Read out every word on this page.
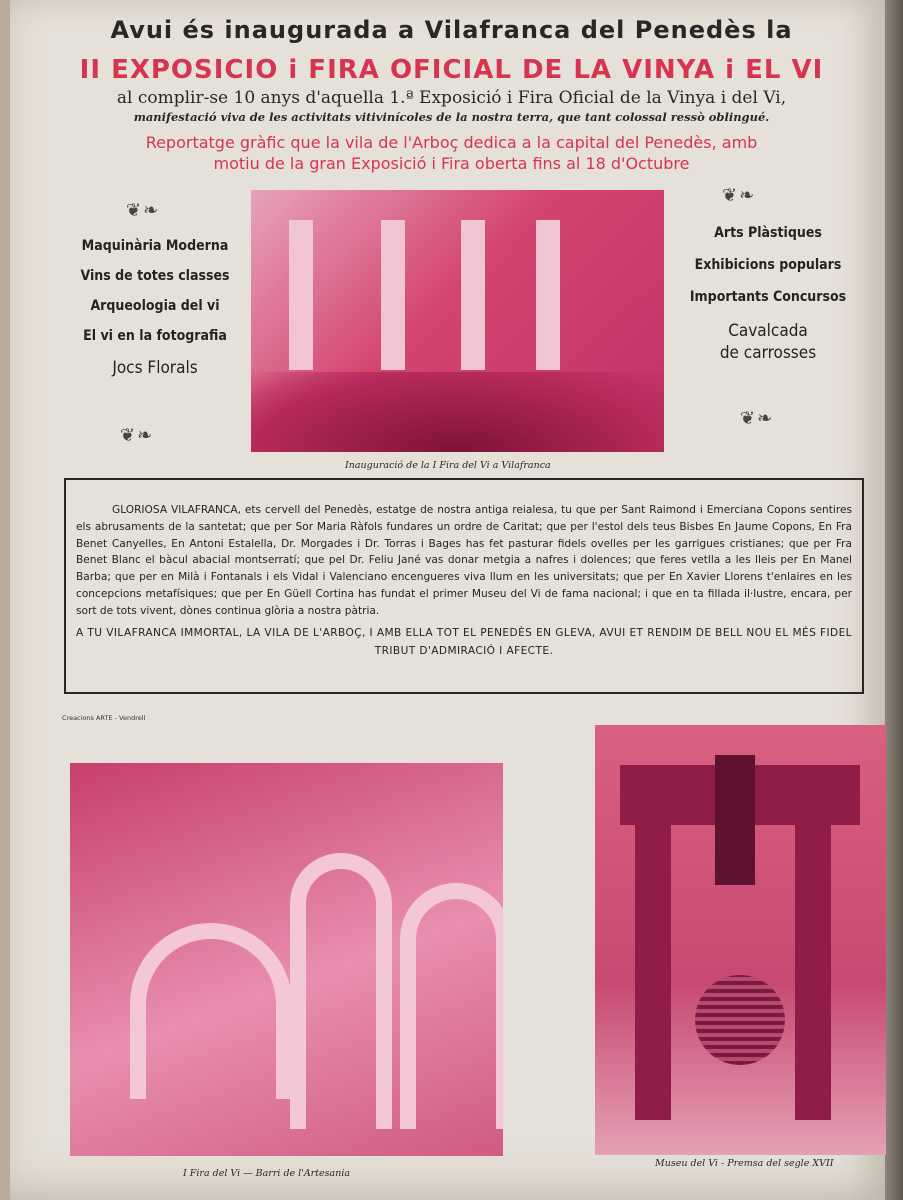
Avui és inaugurada a Vilafranca del Penedès la
II EXPOSICIO i FIRA OFICIAL DE LA VINYA i EL VI
al complir-se 10 anys d'aquella 1.ª Exposició i Fira Oficial de la Vinya i del Vi,
manifestació viva de les activitats vitivinícoles de la nostra terra, que tant colossal ressò oblingué.
Reportatge gràfic que la vila de l'Arboç dedica a la capital del Penedès, amb
motiu de la gran Exposició i Fira oberta fins al 18 d'Octubre
❦❧
❦❧
❦❧
❦❧
Maquinària Moderna
Vins de totes classes
Arqueologia del vi
El vi en la fotografia
Jocs Florals
Arts Plàstiques
Exhibicions populars
Importants Concursos
Cavalcada
de carrosses
Inauguració de la I Fira del Vi a Vilafranca

GLORIOSA VILAFRANCA, ets cervell del Penedès, estatge de nostra antiga reialesa, tu que per Sant Raimond i Emerciana Copons sentires els abrusaments de la santetat; que per Sor Maria Ràfols fundares un ordre de Caritat; que per l'estol dels teus Bisbes En Jaume Copons, En Fra Benet Canyelles, En Antoni Estalella, Dr. Morgades i Dr. Torras i Bages has fet pasturar fidels ovelles per les garrigues cristianes; que per Fra Benet Blanc el bàcul abacial montserratí; que pel Dr. Feliu Jané vas donar metgia a nafres i dolences; que feres vetlla a les lleis per En Manel Barba; que per en Milà i Fontanals i els Vidal i Valenciano encengueres viva llum en les universitats; que per En Xavier Llorens t'enlaires en les concepcions metafísiques; que per En Güell Cortina has fundat el primer Museu del Vi de fama nacional; i que en ta fillada il·lustre, encara, per sort de tots vivent, dònes continua glòria a nostra pàtria.

A TU VILAFRANCA IMMORTAL, LA VILA DE L'ARBOÇ, I AMB ELLA TOT EL PENEDÈS EN GLEVA, AVUI ET RENDIM DE BELL NOU EL MÉS FIDEL TRIBUT D'ADMIRACIÓ I AFECTE.

Creacions ARTE - Vendrell
I Fira del Vi — Barri de l'Artesania
Museu del Vi - Premsa del segle XVII
